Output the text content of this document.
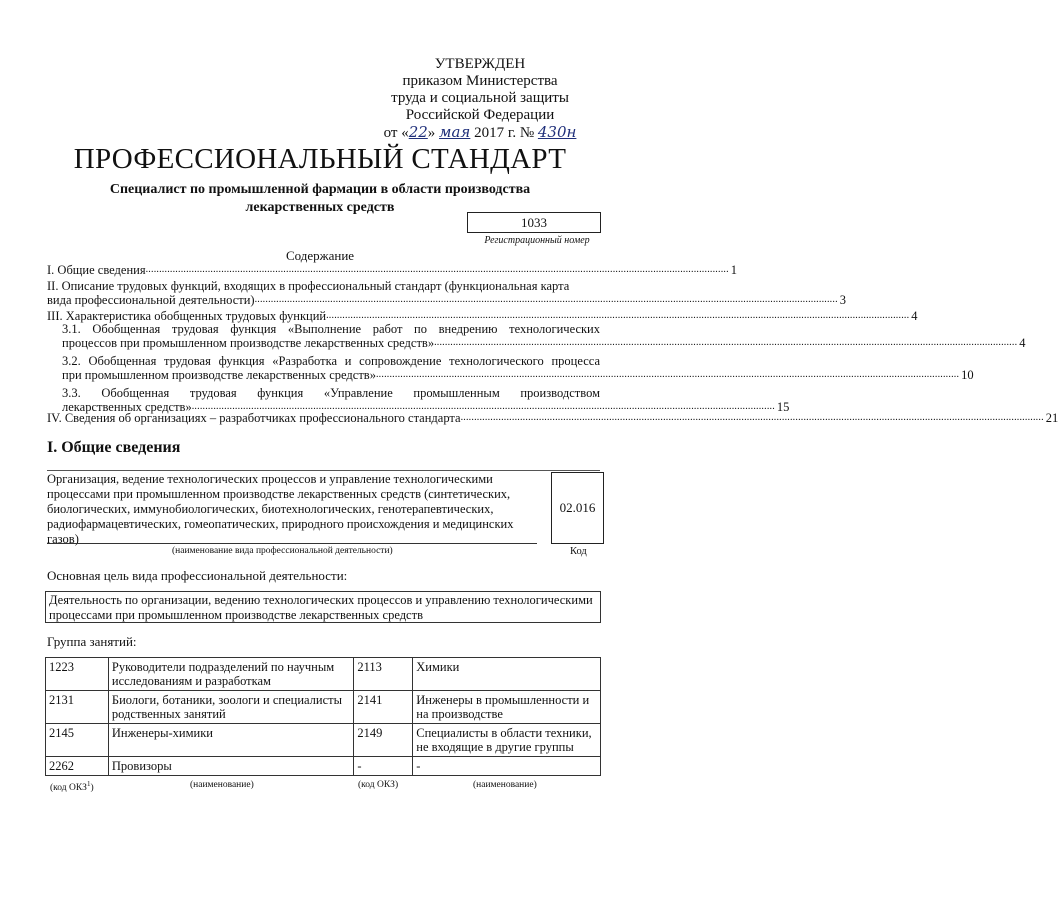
УТВЕРЖДЕН
приказом Министерства
труда и социальной защиты
Российской Федерации
от «22» мая 2017 г. № 430н
ПРОФЕССИОНАЛЬНЫЙ СТАНДАРТ
Специалист по промышленной фармации в области производства
лекарственных средств
1033
Регистрационный номер
Содержание
I. Общие сведения ........................................................................................................................................................................................................................ 1
II. Описание трудовых функций, входящих в профессиональный стандарт (функциональная карта
вида профессиональной деятельности) ........................................................................................................................................................................................................................ 3
III. Характеристика обобщенных трудовых функций ........................................................................................................................................................................................................................ 4
3.1. Обобщенная трудовая функция «Выполнение работ по внедрению технологических
процессов при промышленном производстве лекарственных средств» ........................................................................................................................................................................................................................ 4
3.2. Обобщенная трудовая функция «Разработка и сопровождение технологического процесса
при промышленном производстве лекарственных средств» ........................................................................................................................................................................................................................ 10
3.3. Обобщенная трудовая функция «Управление промышленным производством
лекарственных средств» ........................................................................................................................................................................................................................ 15
IV. Сведения об организациях – разработчиках профессионального стандарта ........................................................................................................................................................................................................................ 21
I. Общие сведения
Организация, ведение технологических процессов и управление технологическими процессами при промышленном производстве лекарственных средств (синтетических, биологических, иммунобиологических, биотехнологических, генотерапевтических, радиофармацевтических, гомеопатических, природного происхождения и медицинских газов)
02.016
(наименование вида профессиональной деятельности)	Код
Основная цель вида профессиональной деятельности:
Деятельность по организации, ведению технологических процессов и управлению технологическими процессами при промышленном производстве лекарственных средств
Группа занятий:
1223	Руководители подразделений по научным исследованиям и разработкам	2113	Химики
2131	Биологи, ботаники, зоологи и специалисты родственных занятий	2141	Инженеры в промышленности и на производстве
2145	Инженеры-химики	2149	Специалисты в области техники, не входящие в другие группы
2262	Провизоры	-	-
(код ОКЗ$^1$)	(наименование)	(код ОКЗ)	(наименование)
